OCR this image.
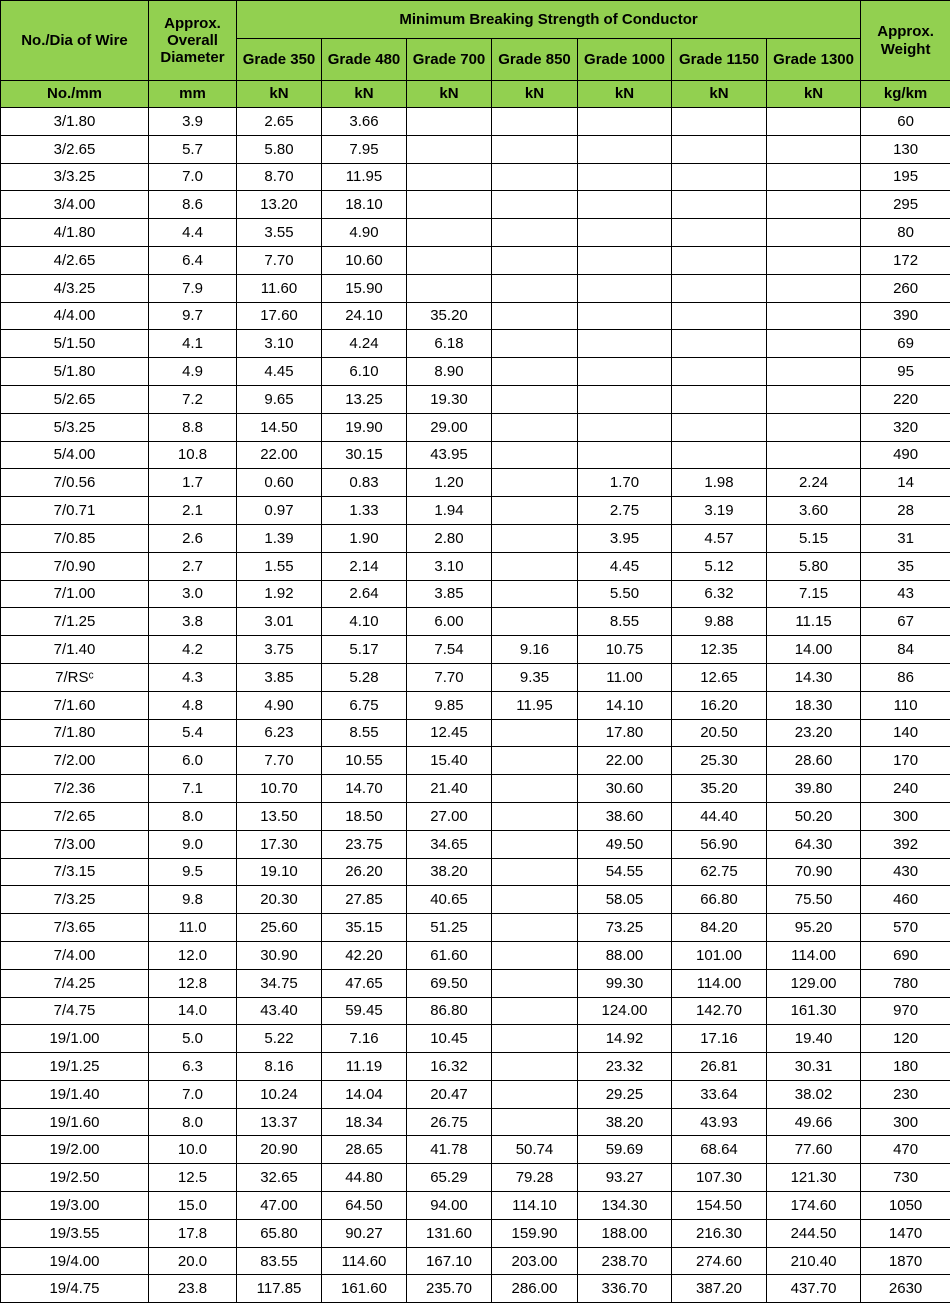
No./Dia of Wire	Approx. Overall Diameter	Minimum Breaking Strength of Conductor							Approx. Weight
		Grade 350	Grade 480	Grade 700	Grade 850	Grade 1000	Grade 1150	Grade 1300	
No./mm	mm	kN	kN	kN	kN	kN	kN	kN	kg/km
3/1.80	3.9	2.65	3.66						60
3/2.65	5.7	5.80	7.95						130
3/3.25	7.0	8.70	11.95						195
3/4.00	8.6	13.20	18.10						295
4/1.80	4.4	3.55	4.90						80
4/2.65	6.4	7.70	10.60						172
4/3.25	7.9	11.60	15.90						260
4/4.00	9.7	17.60	24.10	35.20					390
5/1.50	4.1	3.10	4.24	6.18					69
5/1.80	4.9	4.45	6.10	8.90					95
5/2.65	7.2	9.65	13.25	19.30					220
5/3.25	8.8	14.50	19.90	29.00					320
5/4.00	10.8	22.00	30.15	43.95					490
7/0.56	1.7	0.60	0.83	1.20		1.70	1.98	2.24	14
7/0.71	2.1	0.97	1.33	1.94		2.75	3.19	3.60	28
7/0.85	2.6	1.39	1.90	2.80		3.95	4.57	5.15	31
7/0.90	2.7	1.55	2.14	3.10		4.45	5.12	5.80	35
7/1.00	3.0	1.92	2.64	3.85		5.50	6.32	7.15	43
7/1.25	3.8	3.01	4.10	6.00		8.55	9.88	11.15	67
7/1.40	4.2	3.75	5.17	7.54	9.16	10.75	12.35	14.00	84
7/RSᶜ	4.3	3.85	5.28	7.70	9.35	11.00	12.65	14.30	86
7/1.60	4.8	4.90	6.75	9.85	11.95	14.10	16.20	18.30	110
7/1.80	5.4	6.23	8.55	12.45		17.80	20.50	23.20	140
7/2.00	6.0	7.70	10.55	15.40		22.00	25.30	28.60	170
7/2.36	7.1	10.70	14.70	21.40		30.60	35.20	39.80	240
7/2.65	8.0	13.50	18.50	27.00		38.60	44.40	50.20	300
7/3.00	9.0	17.30	23.75	34.65		49.50	56.90	64.30	392
7/3.15	9.5	19.10	26.20	38.20		54.55	62.75	70.90	430
7/3.25	9.8	20.30	27.85	40.65		58.05	66.80	75.50	460
7/3.65	11.0	25.60	35.15	51.25		73.25	84.20	95.20	570
7/4.00	12.0	30.90	42.20	61.60		88.00	101.00	114.00	690
7/4.25	12.8	34.75	47.65	69.50		99.30	114.00	129.00	780
7/4.75	14.0	43.40	59.45	86.80		124.00	142.70	161.30	970
19/1.00	5.0	5.22	7.16	10.45		14.92	17.16	19.40	120
19/1.25	6.3	8.16	11.19	16.32		23.32	26.81	30.31	180
19/1.40	7.0	10.24	14.04	20.47		29.25	33.64	38.02	230
19/1.60	8.0	13.37	18.34	26.75		38.20	43.93	49.66	300
19/2.00	10.0	20.90	28.65	41.78	50.74	59.69	68.64	77.60	470
19/2.50	12.5	32.65	44.80	65.29	79.28	93.27	107.30	121.30	730
19/3.00	15.0	47.00	64.50	94.00	114.10	134.30	154.50	174.60	1050
19/3.55	17.8	65.80	90.27	131.60	159.90	188.00	216.30	244.50	1470
19/4.00	20.0	83.55	114.60	167.10	203.00	238.70	274.60	210.40	1870
19/4.75	23.8	117.85	161.60	235.70	286.00	336.70	387.20	437.70	2630
